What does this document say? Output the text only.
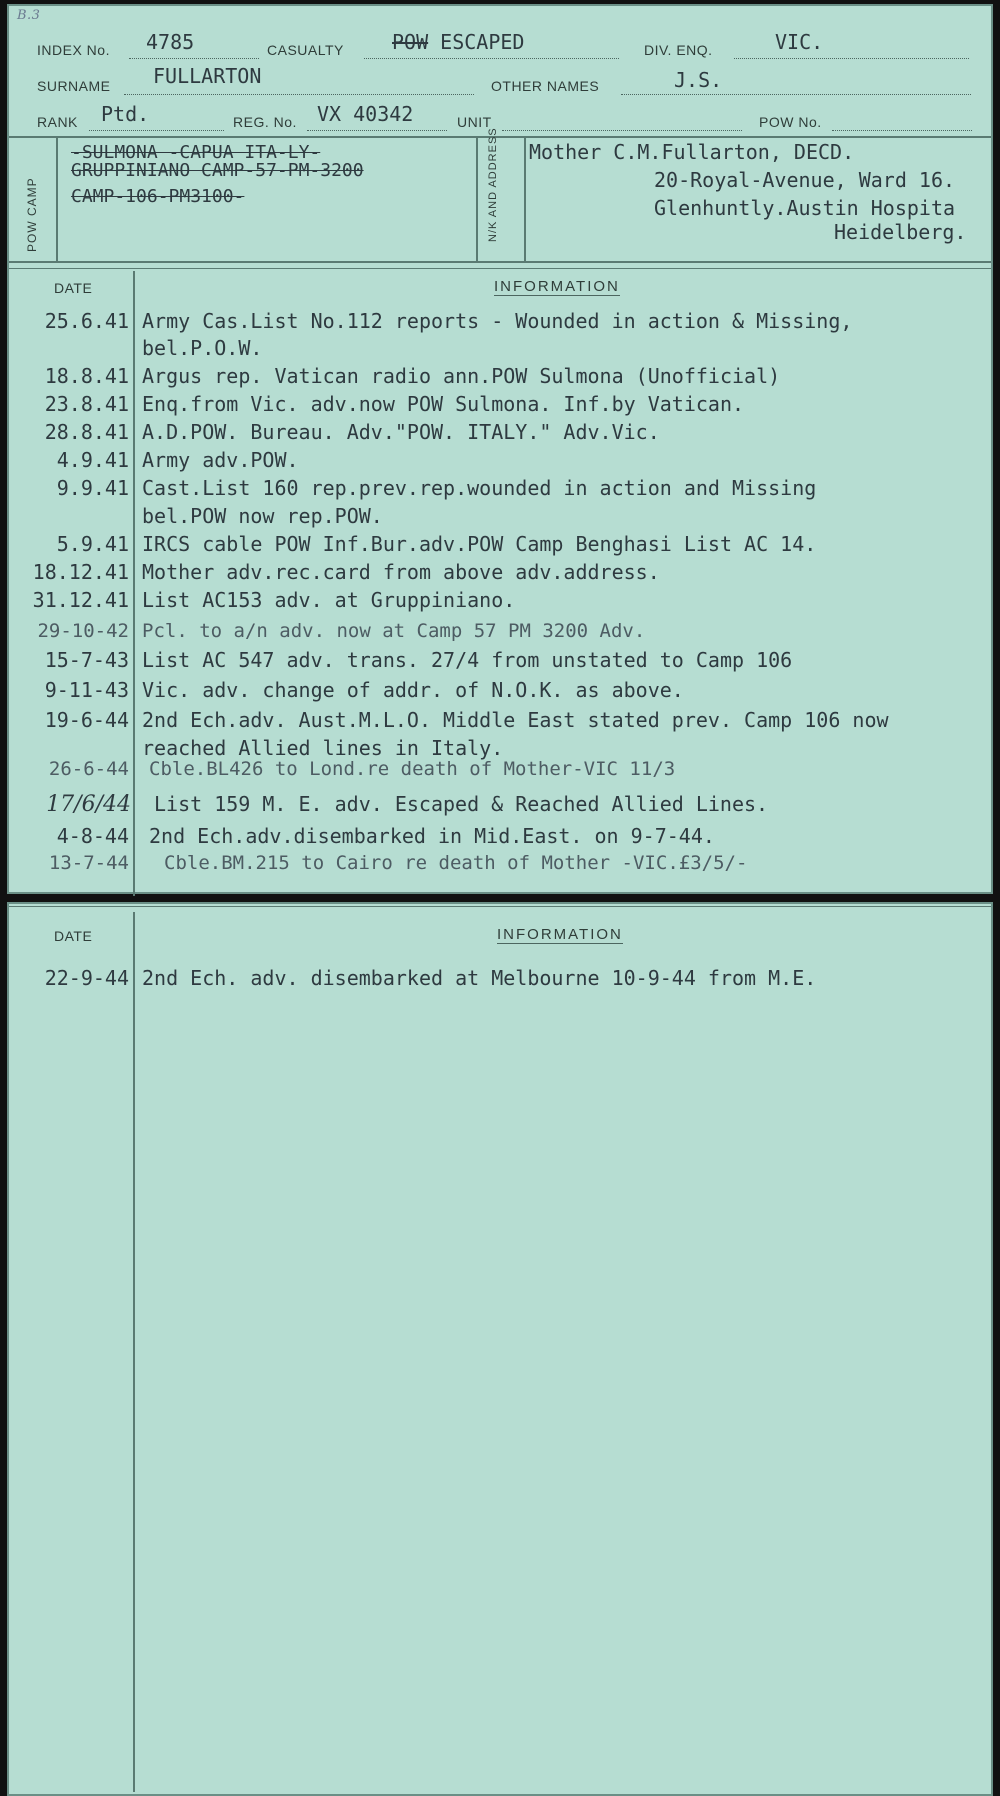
B.3
INDEX No. 4785	CASUALTY POW ESCAPED	DIV. ENQ.	VIC.
SURNAME FULLARTON	OTHER NAMES	J.S.
RANK Ptd.	REG. No. VX 40342	UNIT	POW No.
POW CAMP	N/K AND ADDRESS
-SULMONA -CAPUA ITA-LY-
GRUPPINIANO CAMP-57-PM-3200
CAMP-106-PM3100-
Mother C.M.Fullarton, DECD.
20-Royal-Avenue, Ward 16.
Glenhuntly.Austin Hospita
Heidelberg.
DATE	INFORMATION
25.6.41 Army Cas.List No.112 reports - Wounded in action & Missing,
bel.P.O.W.
18.8.41 Argus rep. Vatican radio ann.POW Sulmona (Unofficial)
23.8.41 Enq.from Vic. adv.now POW Sulmona. Inf.by Vatican.
28.8.41 A.D.POW. Bureau. Adv."POW. ITALY." Adv.Vic.
4.9.41 Army adv.POW.
9.9.41 Cast.List 160 rep.prev.rep.wounded in action and Missing
bel.POW now rep.POW.
5.9.41 IRCS cable POW Inf.Bur.adv.POW Camp Benghasi List AC 14.
18.12.41 Mother adv.rec.card from above adv.address.
31.12.41 List AC153 adv. at Gruppiniano.
29-10-42 Pcl. to a/n adv. now at Camp 57 PM 3200 Adv.
15-7-43 List AC 547 adv. trans. 27/4 from unstated to Camp 106
9-11-43 Vic. adv. change of addr. of N.O.K. as above.
19-6-44 2nd Ech.adv. Aust.M.L.O. Middle East stated prev. Camp 106 now
reached Allied lines in Italy.
26-6-44 Cble.BL426 to Lond.re death of Mother-VIC 11/3
17/6/44 List 159 M. E. adv. Escaped & Reached Allied Lines.
4-8-44 2nd Ech.adv.disembarked in Mid.East. on 9-7-44.
13-7-44 Cble.BM.215 to Cairo re death of Mother -VIC.£3/5/-
DATE	INFORMATION
22-9-44 2nd Ech. adv. disembarked at Melbourne 10-9-44 from M.E.
